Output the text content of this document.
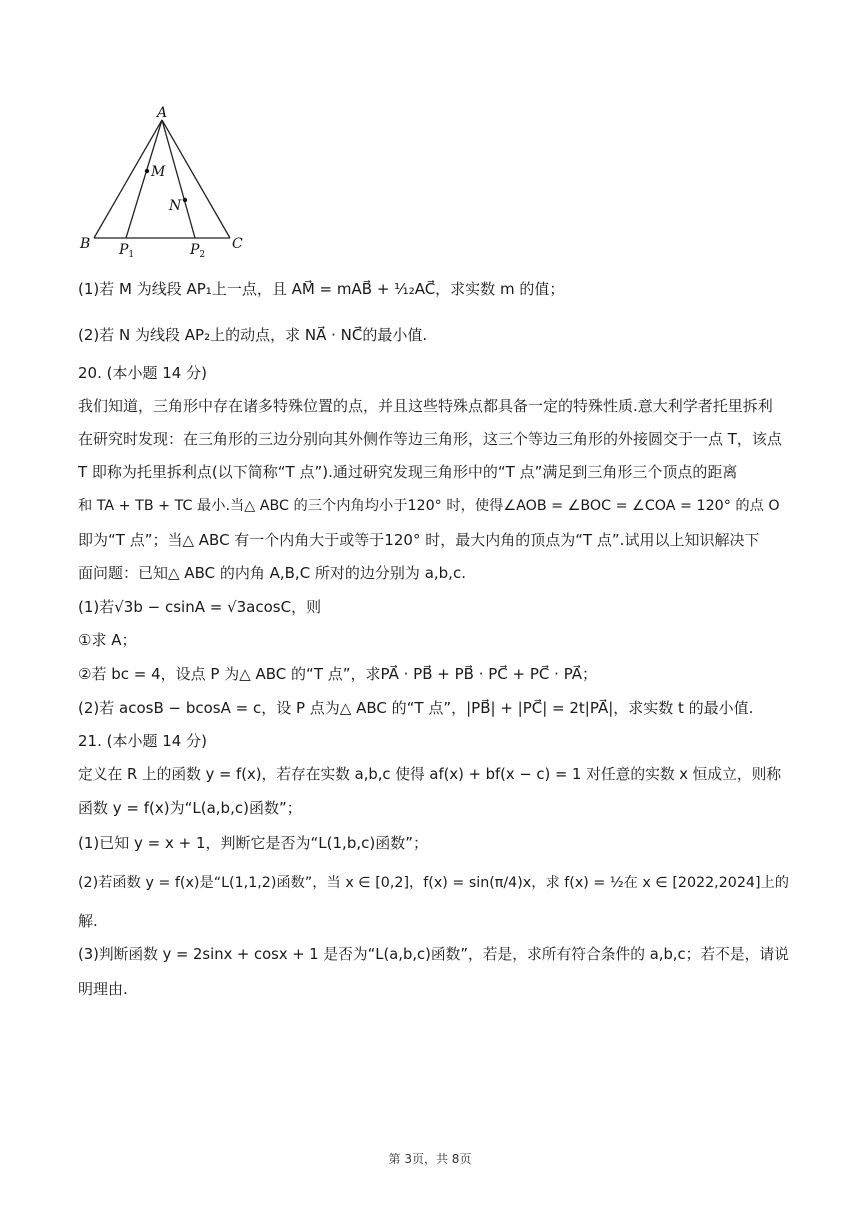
A
M
N
B $P_1$	$P_2$
C
(1)若 M 为线段 AP₁上一点，且 AM⃗ = mAB⃗ + ¹⁄₁₂AC⃗，求实数 m 的值；
(2)若 N 为线段 AP₂上的动点，求 NA⃗ · NC⃗的最小值.
20. (本小题 14 分)
我们知道，三角形中存在诸多特殊位置的点，并且这些特殊点都具备一定的特殊性质.意大利学者托里拆利
在研究时发现：在三角形的三边分别向其外侧作等边三角形，这三个等边三角形的外接圆交于一点 T，该点
T 即称为托里拆利点(以下简称“T 点”).通过研究发现三角形中的“T 点”满足到三角形三个顶点的距离
和 TA + TB + TC 最小.当△ ABC 的三个内角均小于120° 时，使得∠AOB = ∠BOC = ∠COA = 120° 的点 O
即为“T 点”；当△ ABC 有一个内角大于或等于120° 时，最大内角的顶点为“T 点”.试用以上知识解决下
面问题：已知△ ABC 的内角 A,B,C 所对的边分别为 a,b,c.
(1)若√3b − csinA = √3acosC，则
①求 A；
②若 bc = 4，设点 P 为△ ABC 的“T 点”，求PA⃗ · PB⃗ + PB⃗ · PC⃗ + PC⃗ · PA⃗；
(2)若 acosB − bcosA = c，设 P 点为△ ABC 的“T 点”，|PB⃗| + |PC⃗| = 2t|PA⃗|，求实数 t 的最小值.
21. (本小题 14 分)
定义在 R 上的函数 y = f(x)，若存在实数 a,b,c 使得 af(x) + bf(x − c) = 1 对任意的实数 x 恒成立，则称
函数 y = f(x)为“L(a,b,c)函数”；
(1)已知 y = x + 1，判断它是否为“L(1,b,c)函数”；
(2)若函数 y = f(x)是“L(1,1,2)函数”，当 x ∈ [0,2]，f(x) = sin(π/4)x，求 f(x) = ½在 x ∈ [2022,2024]上的
解.
(3)判断函数 y = 2sinx + cosx + 1 是否为“L(a,b,c)函数”，若是，求所有符合条件的 a,b,c；若不是，请说
明理由.
第 3页，共 8页
